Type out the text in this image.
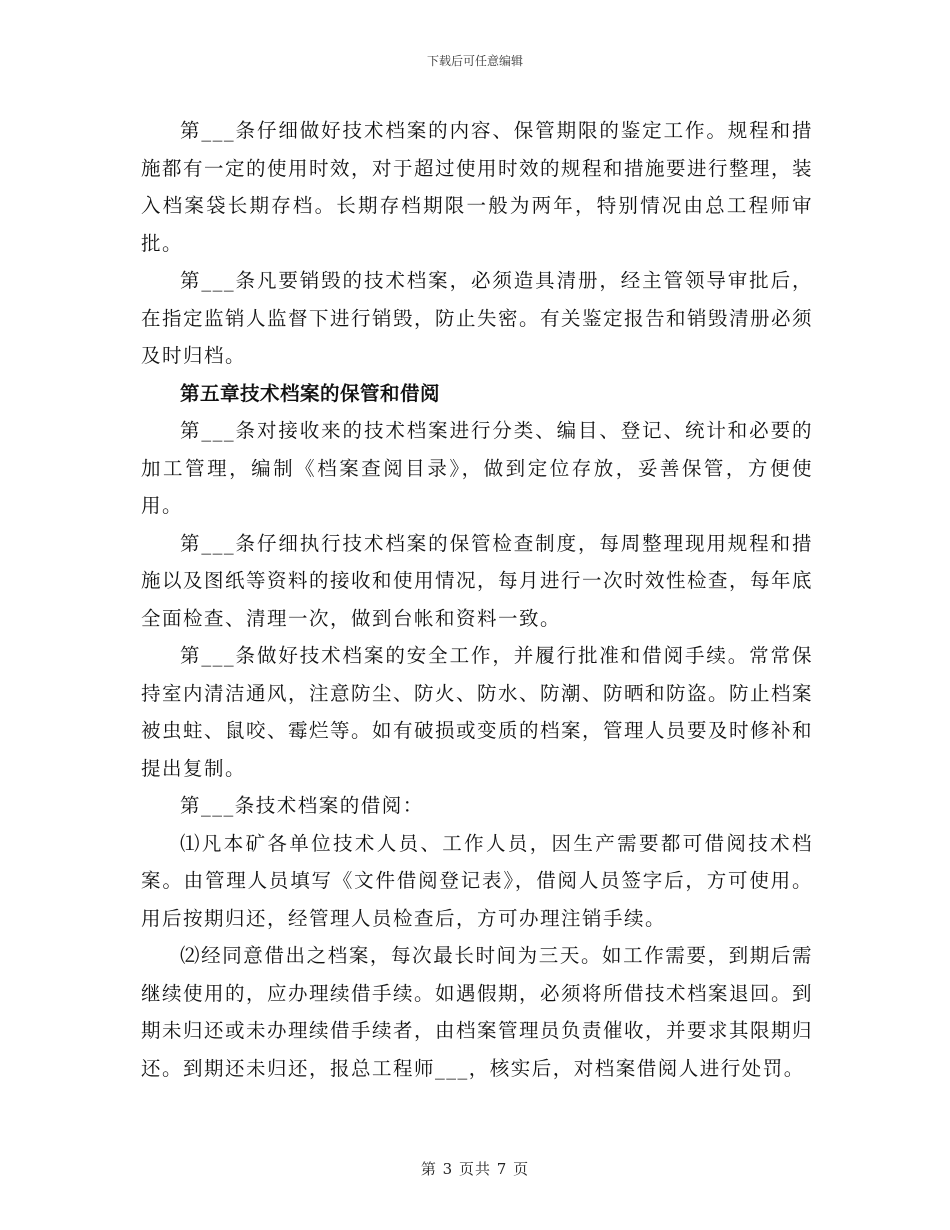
下载后可任意编辑

第___条仔细做好技术档案的内容、保管期限的鉴定工作。规程和措施都有一定的使用时效，对于超过使用时效的规程和措施要进行整理，装入档案袋长期存档。长期存档期限一般为两年，特别情况由总工程师审批。

第___条凡要销毁的技术档案，必须造具清册，经主管领导审批后，在指定监销人监督下进行销毁，防止失密。有关鉴定报告和销毁清册必须及时归档。

第五章技术档案的保管和借阅

第___条对接收来的技术档案进行分类、编目、登记、统计和必要的加工管理，编制《档案查阅目录》，做到定位存放，妥善保管，方便使用。

第___条仔细执行技术档案的保管检查制度，每周整理现用规程和措施以及图纸等资料的接收和使用情况，每月进行一次时效性检查，每年底全面检查、清理一次，做到台帐和资料一致。

第___条做好技术档案的安全工作，并履行批准和借阅手续。常常保持室内清洁通风，注意防尘、防火、防水、防潮、防晒和防盗。防止档案被虫蛀、鼠咬、霉烂等。如有破损或变质的档案，管理人员要及时修补和提出复制。

第___条技术档案的借阅：

⑴凡本矿各单位技术人员、工作人员，因生产需要都可借阅技术档案。由管理人员填写《文件借阅登记表》，借阅人员签字后，方可使用。用后按期归还，经管理人员检查后，方可办理注销手续。

⑵经同意借出之档案，每次最长时间为三天。如工作需要，到期后需继续使用的，应办理续借手续。如遇假期，必须将所借技术档案退回。到期未归还或未办理续借手续者，由档案管理员负责催收，并要求其限期归还。到期还未归还，报总工程师___，核实后，对档案借阅人进行处罚。

第 3 页共 7 页
